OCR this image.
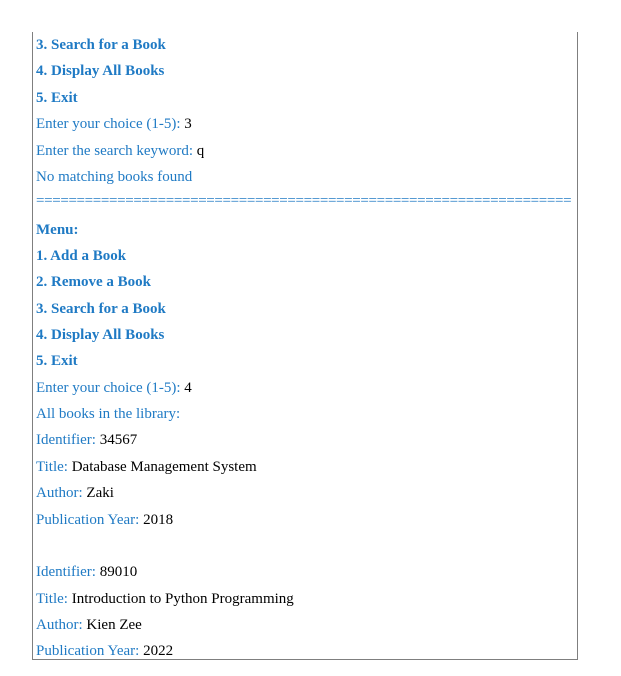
3. Search for a Book
4. Display All Books
5. Exit
Enter your choice (1-5): 3
Enter the search keyword: q
No matching books found
==================================================================
Menu:
1. Add a Book
2. Remove a Book
3. Search for a Book
4. Display All Books
5. Exit
Enter your choice (1-5): 4
All books in the library:
Identifier: 34567
Title: Database Management System
Author: Zaki
Publication Year: 2018
Identifier: 89010
Title: Introduction to Python Programming
Author: Kien Zee
Publication Year: 2022
